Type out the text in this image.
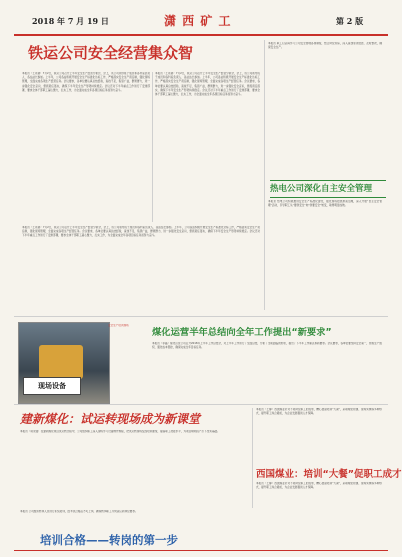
2018 年 7 月 19 日	潇 西 矿 工	第 2 版
铁运公司安全经营集众智
本报讯（王兆钢）7月2日，铁运公司召开上半年安全生产经营分析会，会上，该公司领导班子成员和各科室负责人、各站站长参加。上半年，公司各站积极开展安全生产标准化达标工作，严格落实安全生产责任制，强化现场管理，全面完成各项生产经营任务。会议要求，各单位要认真总结经验，查找不足，集思广益，群策群力，进一步强化安全意识，狠抓责任落实，确保下半年安全生产形势持续稳定。会议还对下半年重点工作进行了安排部署，要求全体干部职工凝心聚力，扎实工作，为全面完成全年各项目标任务而努力奋斗。
本报讯（王兆钢）7月2日，铁运公司召开上半年安全生产经营分析会，会上，该公司领导班子成员和各科室负责人、各站站长参加。上半年，公司各站积极开展安全生产标准化达标工作，严格落实安全生产责任制，强化现场管理，全面完成各项生产经营任务。会议要求，各单位要认真总结经验，查找不足，集思广益，群策群力，进一步强化安全意识，狠抓责任落实，确保下半年安全生产形势持续稳定。会议还对下半年重点工作进行了安排部署，要求全体干部职工凝心聚力，扎实工作，为全面完成全年各项目标任务而努力奋斗。
本报讯 职工们认真学习公司安全管理各项制度，结合岗位实际，深入查找身边隐患，及时整改，确保安全生产。
热电公司深化自主安全管理
本报讯 热电公司积极推进安全生产标准化建设，强化现场隐患排查治理，深入开展“自主安全管理”活动，引导职工从“要我安全”向“我要安全”转变，取得明显成效。
本报讯（王兆钢）7月2日，铁运公司召开上半年安全生产经营分析会，会上，该公司领导班子成员和各科室负责人、各站站长参加。上半年，公司各站积极开展安全生产标准化达标工作，严格落实安全生产责任制，强化现场管理，全面完成各项生产经营任务。会议要求，各单位要认真总结经验，查找不足，集思广益，群策群力，进一步强化安全意识，狠抓责任落实，确保下半年安全生产形势持续稳定。会议还对下半年重点工作进行了安排部署，要求全体干部职工凝心聚力，扎实工作，为全面完成全年各项目标任务而努力奋斗。
现场设备
安全生产培训现场
煤化运营半年总结向全年工作提出“新要求”
本报讯（李磊）煤化运营公司召开2018年上半年工作总结会，对上半年工作进行了全面总结，分析了当前面临的形势，提出了下半年工作重点和新要求。会议要求，各单位要坚持安全第一，狠抓生产组织，强化成本管控，确保完成全年目标任务。
建新煤化：试运转现场成为新课堂
本报讯（郭永强）在建新煤化项目试运转过程中，公司组织职工深入现场学习设备操作规程，把试运转现场变成培训课堂，提高职工技能水平，为项目顺利投产打下坚实基础。
本报讯（王静）西国煤业针对不同岗位职工的需求，精心准备培训“大餐”，采取理论授课、现场实操等多种形式，提升职工综合素质，为企业发展提供人才保障。
西国煤业：培训“大餐”促职工成才
本报讯（王静）西国煤业针对不同岗位职工的需求，精心准备培训“大餐”，采取理论授课、现场实操等多种形式，提升职工综合素质，为企业发展提供人才保障。
本报讯 公司组织转岗人员进行系统培训，经考试合格后方可上岗，确保转岗职工尽快适应新岗位要求。
培训合格——转岗的第一步
